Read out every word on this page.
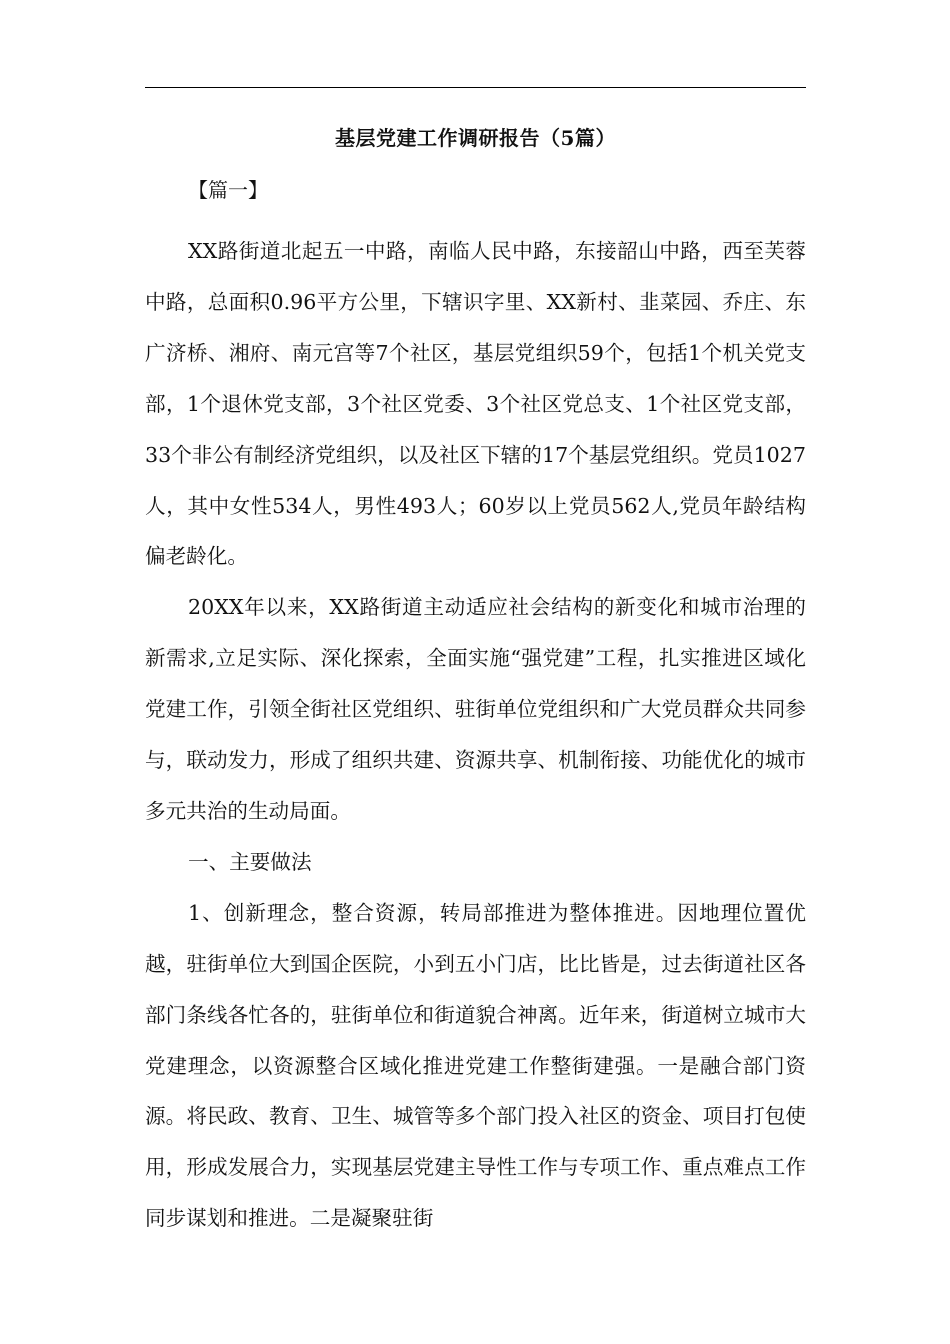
基层党建工作调研报告（5篇）
【篇一】

XX路街道北起五一中路，南临人民中路，东接韶山中路，西至芙蓉中路，总面积0.96平方公里，下辖识字里、XX新村、韭菜园、乔庄、东广济桥、湘府、南元宫等7个社区，基层党组织59个，包括1个机关党支部，1个退休党支部，3个社区党委、3个社区党总支、1个社区党支部，33个非公有制经济党组织，以及社区下辖的17个基层党组织。党员1027人，其中女性534人，男性493人；60岁以上党员562人,党员年龄结构偏老龄化。

20XX年以来，XX路街道主动适应社会结构的新变化和城市治理的新需求,立足实际、深化探索，全面实施“强党建”工程，扎实推进区域化党建工作，引领全街社区党组织、驻街单位党组织和广大党员群众共同参与，联动发力，形成了组织共建、资源共享、机制衔接、功能优化的城市多元共治的生动局面。

一、主要做法

1、创新理念，整合资源，转局部推进为整体推进。因地理位置优越，驻街单位大到国企医院，小到五小门店，比比皆是，过去街道社区各部门条线各忙各的，驻街单位和街道貌合神离。近年来，街道树立城市大党建理念，以资源整合区域化推进党建工作整街建强。一是融合部门资源。将民政、教育、卫生、城管等多个部门投入社区的资金、项目打包使用，形成发展合力，实现基层党建主导性工作与专项工作、重点难点工作同步谋划和推进。二是凝聚驻街
